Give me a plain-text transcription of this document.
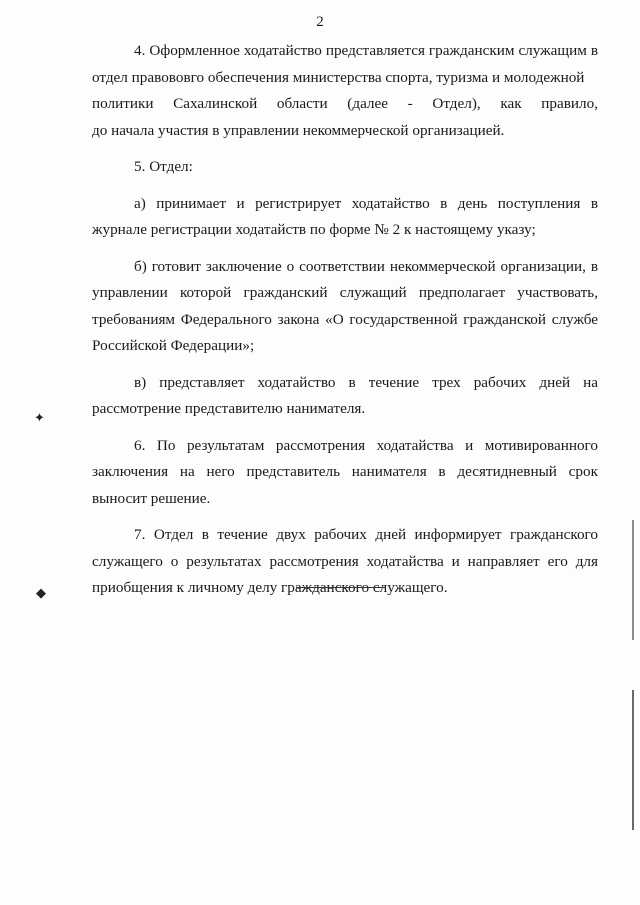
2

4. Оформленное ходатайство представляется гражданским служащим в отдел правововго обеспечения министерства спорта, туризма и молодежной

политики Сахалинской области (далее - Отдел), как правило,

до начала участия в управлении некоммерческой организацией.

5. Отдел:

а) принимает и регистрирует ходатайство в день поступления в журнале регистрации ходатайств по форме № 2 к настоящему указу;

б) готовит заключение о соответствии некоммерческой организации, в управлении которой гражданский служащий предполагает участвовать, требованиям Федерального закона «О государственной гражданской службе Российской Федерации»;

в) представляет ходатайство в течение трех рабочих дней на рассмотрение представителю нанимателя.

6. По результатам рассмотрения ходатайства и мотивированного заключения на него представитель нанимателя в десятидневный срок выносит решение.

7. Отдел в течение двух рабочих дней информирует гражданского служащего о результатах рассмотрения ходатайства и направляет его для приобщения к личному делу гражданского служащего.

✦
◆
